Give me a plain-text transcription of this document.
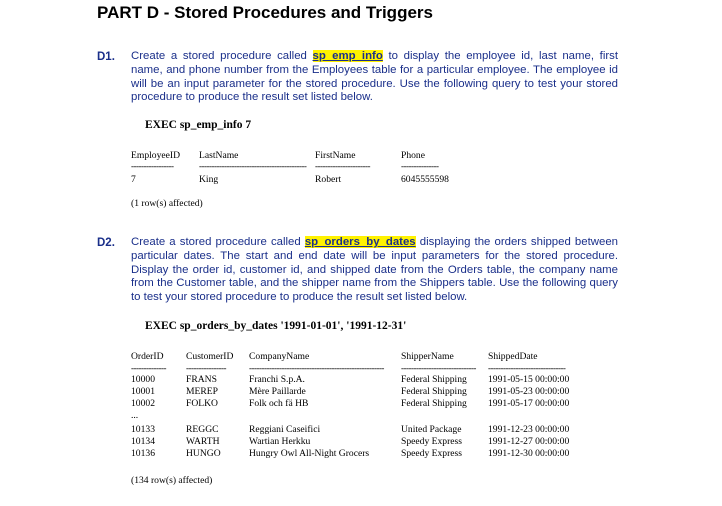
PART D - Stored Procedures and Triggers
D1. Create a stored procedure called sp_emp_info to display the employee id, last name, first name, and phone number from the Employees table for a particular employee. The employee id will be an input parameter for the stored procedure. Use the following query to test your stored procedure to produce the result set listed below.
EXEC sp_emp_info 7
EmployeeID LastName	FirstName	Phone
-----------------	------------------------------------------- ----------------------	---------------
7	King	Robert	6045555598
(1 row(s) affected)
D2. Create a stored procedure called sp_orders_by_dates displaying the orders shipped between particular dates. The start and end date will be input parameters for the stored procedure. Display the order id, customer id, and shipped date from the Orders table, the company name from the Customer table, and the shipper name from the Shippers table. Use the following query to test your stored procedure to produce the result set listed below.
EXEC sp_orders_by_dates '1991-01-01', '1991-12-31'
OrderID CustomerID CompanyName	ShipperName	ShippedDate
--------------	----------------	------------------------------------------------------	------------------------------	-------------------------------
10000	FRANS	Franchi S.p.A.	Federal Shipping 1991-05-15 00:00:00
10001	MEREP	Mère Paillarde	Federal Shipping 1991-05-23 00:00:00
10002	FOLKO	Folk och fä HB	Federal Shipping 1991-05-17 00:00:00
...
10133	REGGC	Reggiani Caseifici	United Package	1991-12-23 00:00:00
10134	WARTH	Wartian Herkku	Speedy Express	1991-12-27 00:00:00
10136	HUNGO	Hungry Owl All-Night Grocers	Speedy Express	1991-12-30 00:00:00
(134 row(s) affected)
